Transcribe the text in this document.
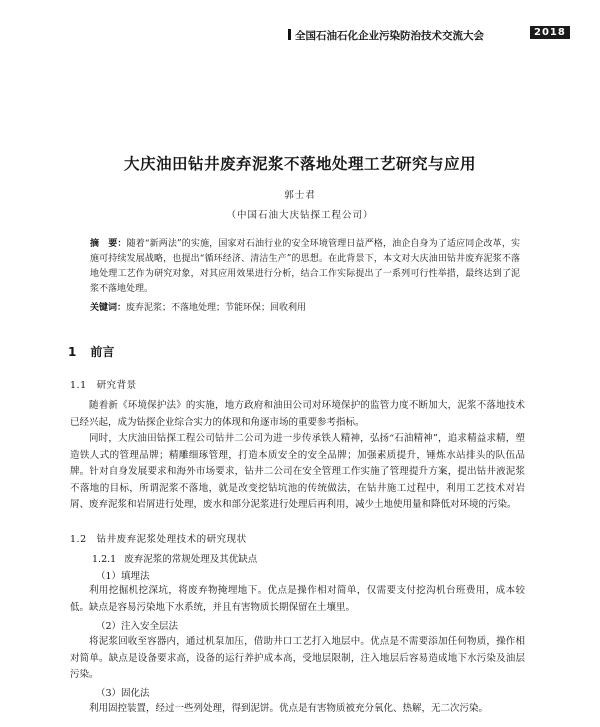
全国石油石化企业污染防治技术交流大会	2018
大庆油田钻井废弃泥浆不落地处理工艺研究与应用
郭士君
（中国石油大庆钻探工程公司）
摘　要：随着“新两法”的实施，国家对石油行业的安全环境管理日益严格，油企自身为了适应同企改革，实施可持续发展战略，也提出“循环经济、清洁生产”的思想。在此背景下，本文对大庆油田钻井废弃泥浆不落地处理工艺作为研究对象，对其应用效果进行分析，结合工作实际提出了一系列可行性举措，最终达到了泥浆不落地处理。
关键词：废弃泥浆；不落地处理；节能环保；回收利用
1 前言
1.1 研究背景
随着新《环境保护法》的实施，地方政府和油田公司对环境保护的监管力度不断加大，泥浆不落地技术已经兴起，成为钻探企业综合实力的体现和角逐市场的重要参考指标。
同时，大庆油田钻探工程公司钻井二公司为进一步传承铁人精神，弘扬“石油精神”，追求精益求精，塑造铁人式的管理品牌；精雕细琢管理，打造本质安全的安全品牌；加强素质提升，锤炼水站排头的队伍品牌。针对自身发展要求和海外市场要求，钻井二公司在安全管理工作实施了管理提升方案，提出钻井液泥浆不落地的目标，所谓泥浆不落地，就是改变挖钻坑池的传统做法，在钻井施工过程中，利用工艺技术对岩屑、废弃泥浆和岩屑进行处理，废水和部分泥浆进行处理后再利用，减少土地使用量和降低对环境的污染。
1.2 钻井废弃泥浆处理技术的研究现状
1.2.1 废弃泥浆的常规处理及其优缺点
（1）填埋法
利用挖掘机挖深坑，将废弃物掩埋地下。优点是操作相对简单，仅需要支付挖沟机台班费用，成本较低。缺点是容易污染地下水系统，并且有害物质长期保留在土壤里。
（2）注入安全层法
将泥浆回收至容器内，通过机泵加压，借助井口工艺打入地层中。优点是不需要添加任何物质，操作相对简单。缺点是设备要求高，设备的运行养护成本高，受地层限制，注入地层后容易造成地下水污染及油层污染。
（3）固化法
利用固控装置，经过一些列处理，得到泥饼。优点是有害物质被充分氧化、热解，无二次污染。
